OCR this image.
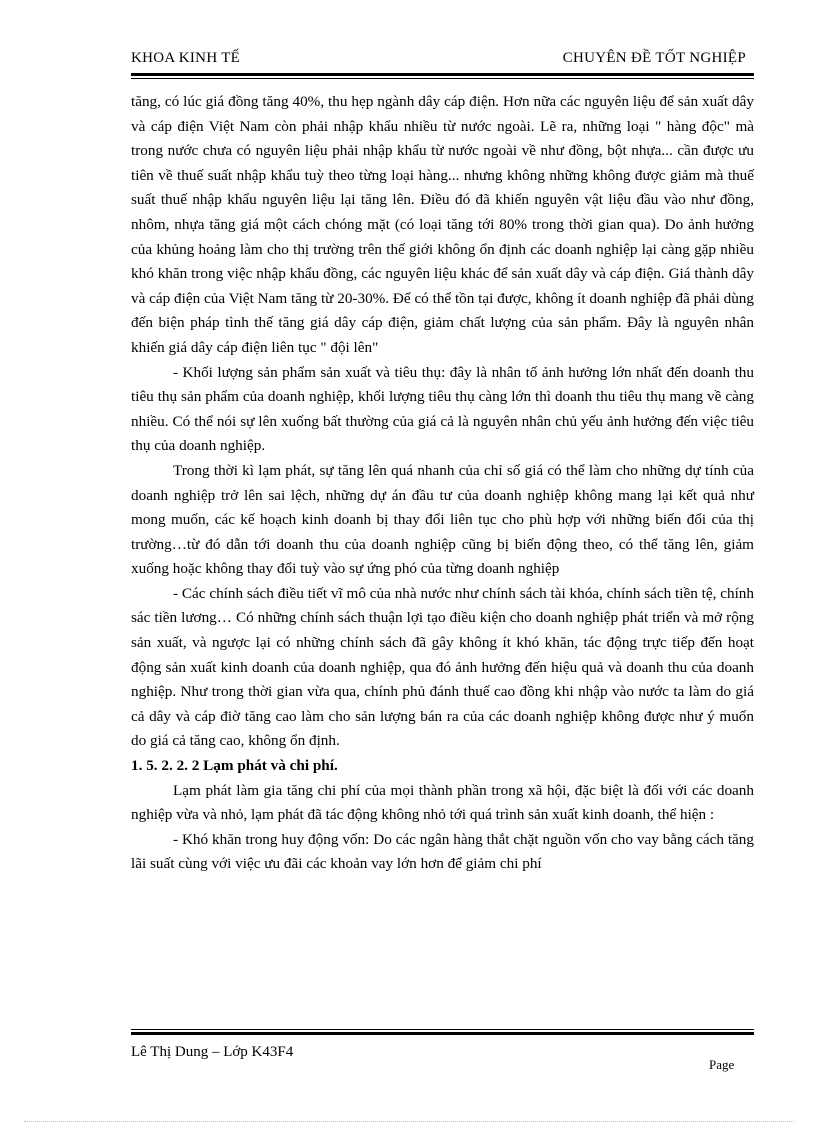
KHOA KINH TẾ	CHUYÊN ĐỀ TỐT NGHIỆP

tăng, có lúc giá đồng tăng 40%, thu hẹp ngành dây cáp điện. Hơn nữa các nguyên liệu để sản xuất dây và cáp điện Việt Nam còn phải nhập khẩu nhiều từ nước ngoài. Lẽ ra, những loại " hàng độc" mà trong nước chưa có nguyên liệu phải nhập khẩu từ nước ngoài về như đồng, bột nhựa... cần được ưu tiên về thuế suất nhập khẩu tuỳ theo từng loại hàng... nhưng không những không được giảm mà thuế suất thuế nhập khẩu nguyên liệu lại tăng lên. Điều đó đã khiến nguyên vật liệu đầu vào như đồng, nhôm, nhựa tăng giá một cách chóng mặt (có loại tăng tới 80% trong thời gian qua). Do ảnh hưởng của khủng hoảng làm cho thị trường trên thế giới không ổn định các doanh nghiệp lại càng gặp nhiều khó khăn trong việc nhập khẩu đồng, các nguyên liệu khác để sản xuất dây và cáp điện. Giá thành dây và cáp điện của Việt Nam tăng từ 20-30%. Để có thể tồn tại được, không ít doanh nghiệp đã phải dùng đến biện pháp tình thế tăng giá dây cáp điện, giảm chất lượng của sản phẩm. Đây là nguyên nhân khiến giá dây cáp điện liên tục " đội lên"

- Khối lượng sản phẩm sản xuất và tiêu thụ: đây là nhân tố ảnh hưởng lớn nhất đến doanh thu tiêu thụ sản phẩm của doanh nghiệp, khối lượng tiêu thụ càng lớn thì doanh thu tiêu thụ mang về càng nhiều. Có thể nói sự lên xuống bất thường của giá cả là nguyên nhân chủ yếu ảnh hưởng đến việc tiêu thụ của doanh nghiệp.

Trong thời kì lạm phát, sự tăng lên quá nhanh của chỉ số giá có thể làm cho những dự tính của doanh nghiệp trở lên sai lệch, những dự án đầu tư của doanh nghiệp không mang lại kết quả như mong muốn, các kế hoạch kinh doanh bị thay đổi liên tục cho phù hợp với những biến đổi của thị trường…từ đó dẫn tới doanh thu của doanh nghiệp cũng bị biến động theo, có thể tăng lên, giảm xuống hoặc không thay đổi tuỳ vào sự ứng phó của từng doanh nghiệp

- Các chính sách điều tiết vĩ mô của nhà nước như chính sách tài khóa, chính sách tiền tệ, chính sác tiền lương… Có những chính sách thuận lợi tạo điều kiện cho doanh nghiệp phát triển và mở rộng sản xuất, và ngược lại có những chính sách đã gây không ít khó khăn, tác động trực tiếp đến hoạt động sản xuất kinh doanh của doanh nghiệp, qua đó ảnh hưởng đến hiệu quả và doanh thu của doanh nghiệp. Như trong thời gian vừa qua, chính phủ đánh thuế cao đồng khi nhập vào nước ta làm do giá cả dây và cáp điờ tăng cao làm cho sản lượng bán ra của các doanh nghiệp không được như ý muốn do giá cả tăng cao, không ổn định.

1. 5. 2. 2. 2 Lạm phát và chi phí.

Lạm phát làm gia tăng chi phí của mọi thành phần trong xã hội, đặc biệt là đối với các doanh nghiệp vừa và nhỏ, lạm phát đã tác động không nhỏ tới quá trình sản xuất kinh doanh, thể hiện :

- Khó khăn trong huy động vốn: Do các ngân hàng thắt chặt nguồn vốn cho vay bằng cách tăng lãi suất cùng với việc ưu đãi các khoản vay lớn hơn để giảm chi phí

Lê Thị Dung – Lớp K43F4
Page
